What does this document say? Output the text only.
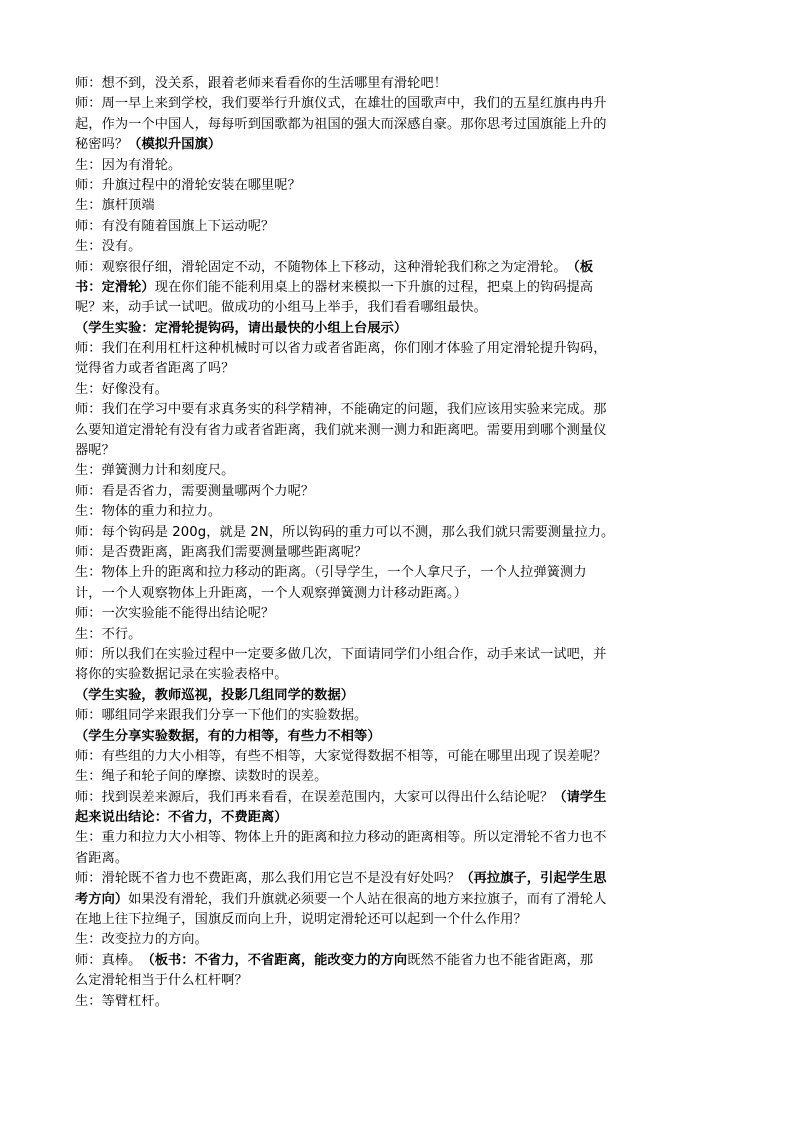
师：想不到，没关系，跟着老师来看看你的生活哪里有滑轮吧！
师：周一早上来到学校，我们要举行升旗仪式，在雄壮的国歌声中，我们的五星红旗冉冉升
起，作为一个中国人，每每听到国歌都为祖国的强大而深感自豪。那你思考过国旗能上升的
秘密吗？ （模拟升国旗）
生：因为有滑轮。
师：升旗过程中的滑轮安装在哪里呢？
生：旗杆顶端
师：有没有随着国旗上下运动呢？
生：没有。
师：观察很仔细，滑轮固定不动，不随物体上下移动，这种滑轮我们称之为定滑轮。 （板
书：定滑轮） 现在你们能不能利用桌上的器材来模拟一下升旗的过程，把桌上的钩码提高
呢？来，动手试一试吧。做成功的小组马上举手，我们看看哪组最快。
（学生实验：定滑轮提钩码，请出最快的小组上台展示）
师：我们在利用杠杆这种机械时可以省力或者省距离，你们刚才体验了用定滑轮提升钩码，
觉得省力或者省距离了吗？
生：好像没有。
师：我们在学习中要有求真务实的科学精神，不能确定的问题，我们应该用实验来完成。那
么要知道定滑轮有没有省力或者省距离，我们就来测一测力和距离吧。需要用到哪个测量仪
器呢？
生：弹簧测力计和刻度尺。
师：看是否省力，需要测量哪两个力呢？
生：物体的重力和拉力。
师：每个钩码是 200g，就是 2N，所以钩码的重力可以不测，那么我们就只需要测量拉力。
师：是否费距离，距离我们需要测量哪些距离呢？
生：物体上升的距离和拉力移动的距离。（引导学生，一个人拿尺子，一个人拉弹簧测力
计，一个人观察物体上升距离，一个人观察弹簧测力计移动距离。）
师：一次实验能不能得出结论呢？
生：不行。
师：所以我们在实验过程中一定要多做几次，下面请同学们小组合作，动手来试一试吧，并
将你的实验数据记录在实验表格中。
（学生实验，教师巡视，投影几组同学的数据）
师：哪组同学来跟我们分享一下他们的实验数据。
（学生分享实验数据，有的力相等，有些力不相等）
师：有些组的力大小相等，有些不相等，大家觉得数据不相等，可能在哪里出现了误差呢？
生：绳子和轮子间的摩擦、读数时的误差。
师：找到误差来源后，我们再来看看，在误差范围内，大家可以得出什么结论呢？ （请学生
起来说出结论：不省力，不费距离）
生：重力和拉力大小相等、物体上升的距离和拉力移动的距离相等。所以定滑轮不省力也不
省距离。
师：滑轮既不省力也不费距离，那么我们用它岂不是没有好处吗？ （再拉旗子，引起学生思
考方向） 如果没有滑轮，我们升旗就必须要一个人站在很高的地方来拉旗子，而有了滑轮人
在地上往下拉绳子，国旗反而向上升，说明定滑轮还可以起到一个什么作用？
生：改变拉力的方向。
师：真棒。 （板书：不省力，不省距离，能改变力的方向 既然不能省力也不能省距离，那
么定滑轮相当于什么杠杆啊？
生：等臂杠杆。
